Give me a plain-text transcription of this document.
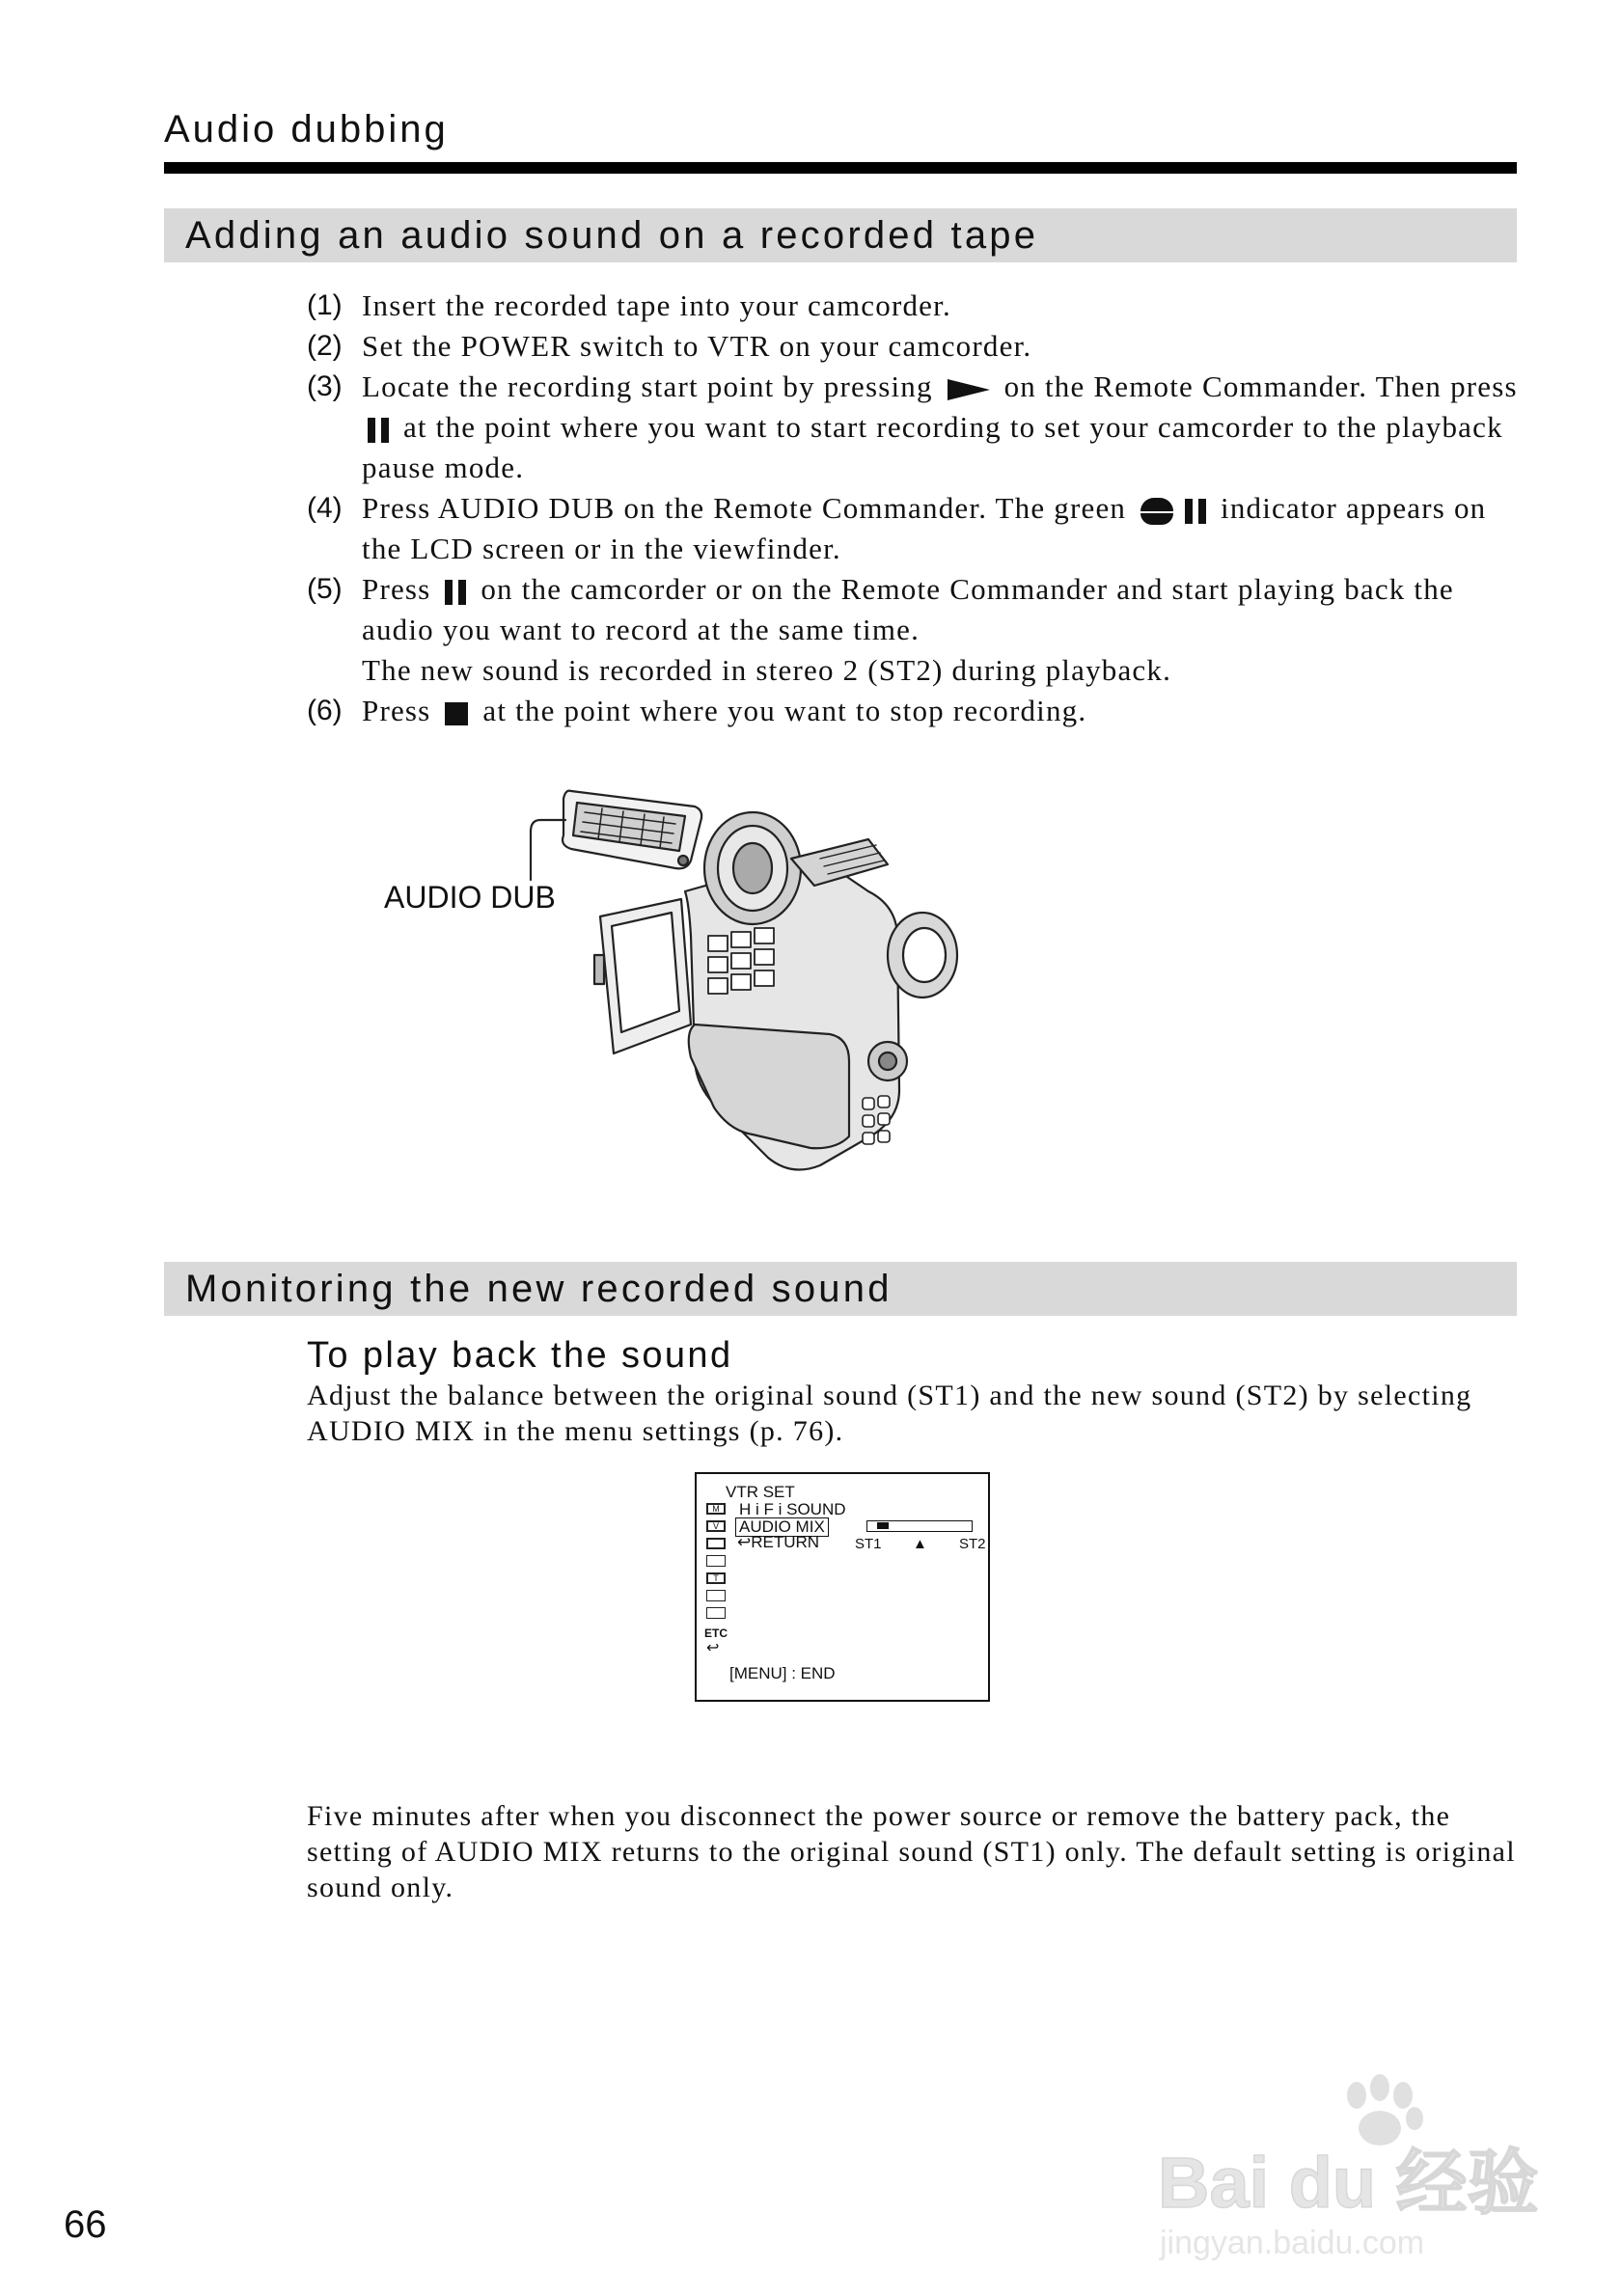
Audio dubbing
Adding an audio sound on a recorded tape
(1) Insert the recorded tape into your camcorder.
(2) Set the POWER switch to VTR on your camcorder.
(3) Locate the recording start point by pressing on the Remote Commander. Then press  at the point where you want to start recording to set your camcorder to the playback pause mode.
(4) Press AUDIO DUB on the Remote Commander. The green	indicator appears on the LCD screen or in the viewfinder.
(5) Press on the camcorder or on the Remote Commander and start playing back the audio you want to record at the same time.
The new sound is recorded in stereo 2 (ST2) during playback.
(6) Press at the point where you want to stop recording.
AUDIO DUB
Monitoring the new recorded sound
To play back the sound

Adjust the balance between the original sound (ST1) and the new sound (ST2) by selecting AUDIO MIX in the menu settings (p. 76).

VTR SET
H i F i SOUND
AUDIO MIX
↩RETURN ST1 ▲ ST2
M
V
T
ETC
↩
[MENU] : END

Five minutes after when you disconnect the power source or remove the battery pack, the setting of AUDIO MIX returns to the original sound (ST1) only. The default setting is original sound only.

66
Bai du 经验
jingyan.baidu.com
